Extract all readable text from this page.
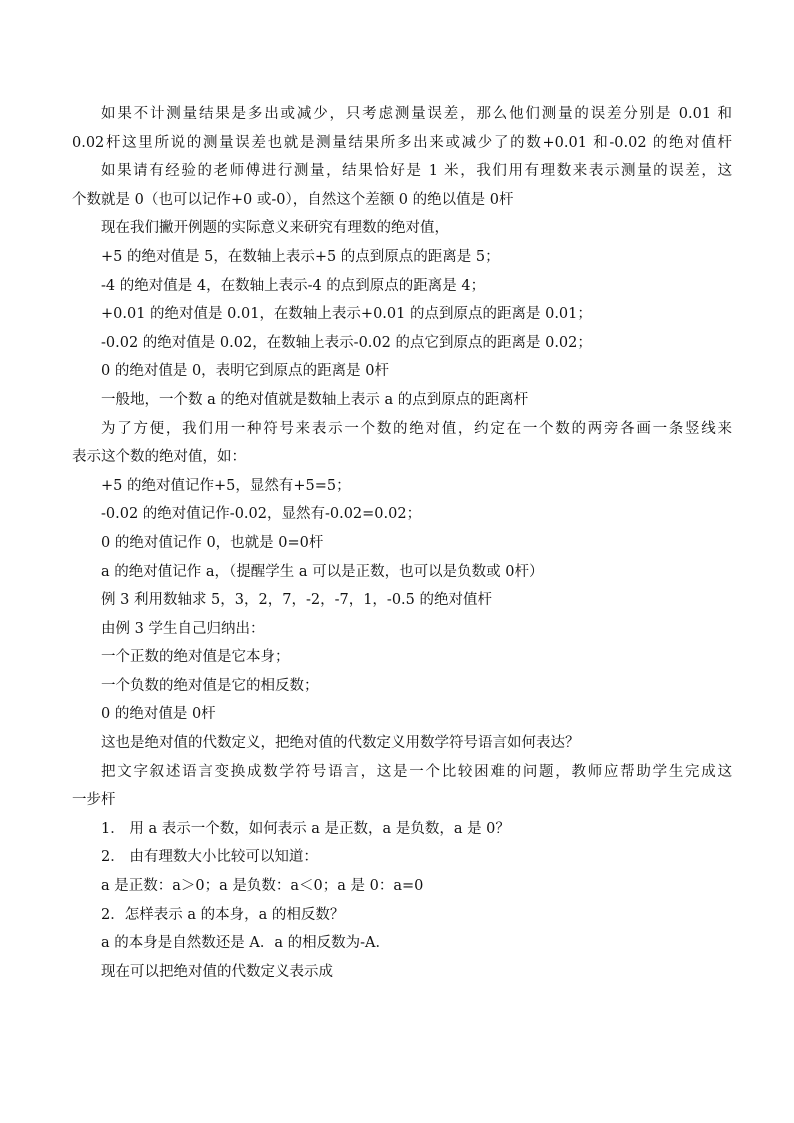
如果不计测量结果是多出或减少，只考虑测量误差，那么他们测量的误差分别是 0.01 和
0.02杆这里所说的测量误差也就是测量结果所多出来或减少了的数+0.01 和-0.02 的绝对值杆
如果请有经验的老师傅进行测量，结果恰好是 1 米，我们用有理数来表示测量的误差，这
个数就是 0（也可以记作+0 或-0），自然这个差额 0 的绝以值是 0杆
现在我们撇开例题的实际意义来研究有理数的绝对值，
+5 的绝对值是 5，在数轴上表示+5 的点到原点的距离是 5；
-4 的绝对值是 4，在数轴上表示-4 的点到原点的距离是 4；
+0.01 的绝对值是 0.01，在数轴上表示+0.01 的点到原点的距离是 0.01；
-0.02 的绝对值是 0.02，在数轴上表示-0.02 的点它到原点的距离是 0.02；
0 的绝对值是 0，表明它到原点的距离是 0杆
一般地，一个数 a 的绝对值就是数轴上表示 a 的点到原点的距离杆
为了方便，我们用一种符号来表示一个数的绝对值，约定在一个数的两旁各画一条竖线来
表示这个数的绝对值，如：
+5 的绝对值记作+5，显然有+5=5；
-0.02 的绝对值记作-0.02，显然有-0.02=0.02；
0 的绝对值记作 0，也就是 0=0杆
a 的绝对值记作 a，（提醒学生 a 可以是正数，也可以是负数或 0杆）
例 3 利用数轴求 5，3，2，7，-2，-7，1，-0.5 的绝对值杆
由例 3 学生自己归纳出：
一个正数的绝对值是它本身；
一个负数的绝对值是它的相反数；
0 的绝对值是 0杆
这也是绝对值的代数定义，把绝对值的代数定义用数学符号语言如何表达？
把文字叙述语言变换成数学符号语言，这是一个比较困难的问题，教师应帮助学生完成这
一步杆
1． 用 a 表示一个数，如何表示 a 是正数，a 是负数，a 是 0？
2． 由有理数大小比较可以知道：
a 是正数：a＞0；a 是负数：a＜0；a 是 0：a=0
2．怎样表示 a 的本身，a 的相反数？
a 的本身是自然数还是 A．a 的相反数为-A．
现在可以把绝对值的代数定义表示成
